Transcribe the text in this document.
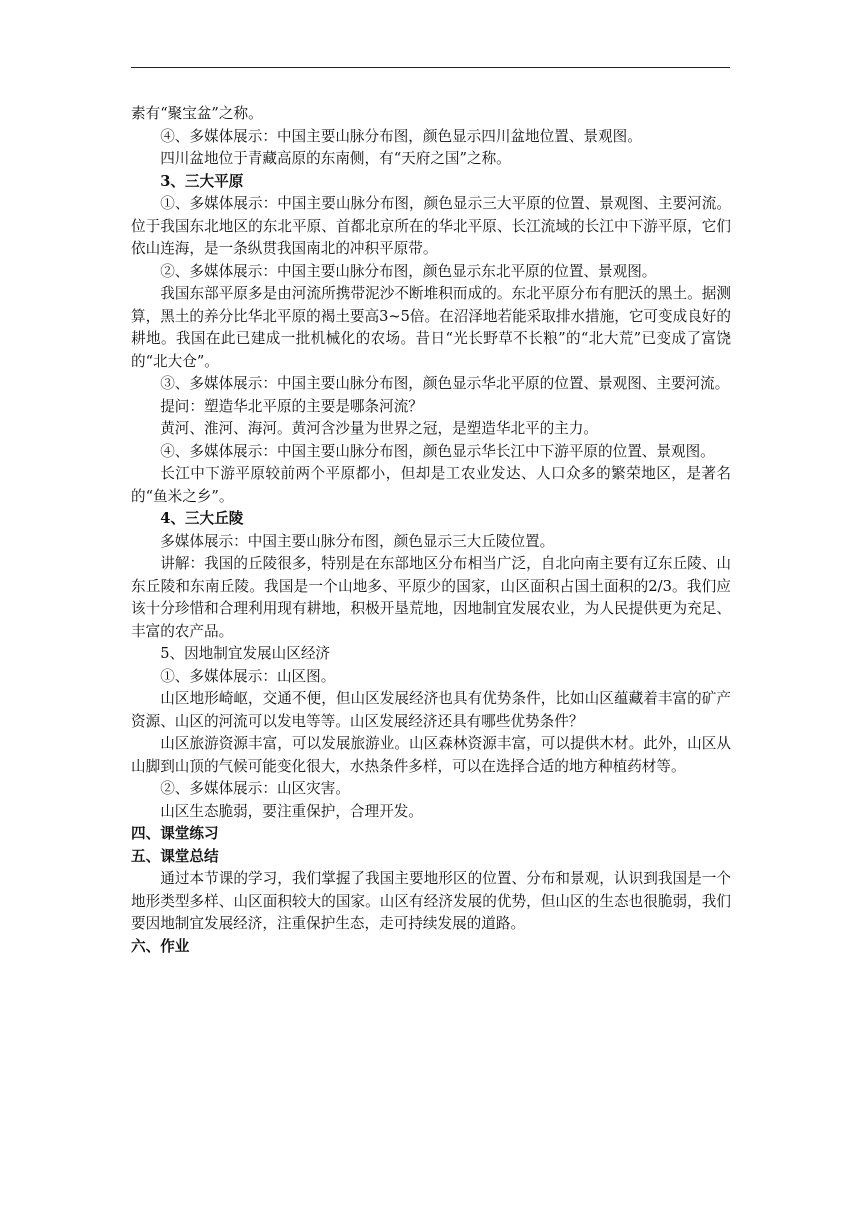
素有“聚宝盆”之称。

④、多媒体展示：中国主要山脉分布图，颜色显示四川盆地位置、景观图。

四川盆地位于青藏高原的东南侧，有“天府之国”之称。

3、三大平原

①、多媒体展示：中国主要山脉分布图，颜色显示三大平原的位置、景观图、主要河流。位于我国东北地区的东北平原、首都北京所在的华北平原、长江流域的长江中下游平原，它们依山连海，是一条纵贯我国南北的冲积平原带。

②、多媒体展示：中国主要山脉分布图，颜色显示东北平原的位置、景观图。

我国东部平原多是由河流所携带泥沙不断堆积而成的。东北平原分布有肥沃的黑土。据测算，黑土的养分比华北平原的褐土要高3~5倍。在沼泽地若能采取排水措施，它可变成良好的耕地。我国在此已建成一批机械化的农场。昔日“光长野草不长粮”的“北大荒”已变成了富饶的“北大仓”。

③、多媒体展示：中国主要山脉分布图，颜色显示华北平原的位置、景观图、主要河流。

提问：塑造华北平原的主要是哪条河流？

黄河、淮河、海河。黄河含沙量为世界之冠，是塑造华北平的主力。

④、多媒体展示：中国主要山脉分布图，颜色显示华长江中下游平原的位置、景观图。

长江中下游平原较前两个平原都小，但却是工农业发达、人口众多的繁荣地区，是著名的“鱼米之乡”。

4、三大丘陵

多媒体展示：中国主要山脉分布图，颜色显示三大丘陵位置。

讲解：我国的丘陵很多，特别是在东部地区分布相当广泛，自北向南主要有辽东丘陵、山东丘陵和东南丘陵。我国是一个山地多、平原少的国家，山区面积占国土面积的2/3。我们应该十分珍惜和合理利用现有耕地，积极开垦荒地，因地制宜发展农业，为人民提供更为充足、丰富的农产品。

5、因地制宜发展山区经济

①、多媒体展示：山区图。

山区地形崎岖，交通不便，但山区发展经济也具有优势条件，比如山区蕴藏着丰富的矿产资源、山区的河流可以发电等等。山区发展经济还具有哪些优势条件？

山区旅游资源丰富，可以发展旅游业。山区森林资源丰富，可以提供木材。此外，山区从山脚到山顶的气候可能变化很大，水热条件多样，可以在选择合适的地方种植药材等。

②、多媒体展示：山区灾害。

山区生态脆弱，要注重保护，合理开发。

四、课堂练习

五、课堂总结

通过本节课的学习，我们掌握了我国主要地形区的位置、分布和景观，认识到我国是一个地形类型多样、山区面积较大的国家。山区有经济发展的优势，但山区的生态也很脆弱，我们要因地制宜发展经济，注重保护生态，走可持续发展的道路。

六、作业
